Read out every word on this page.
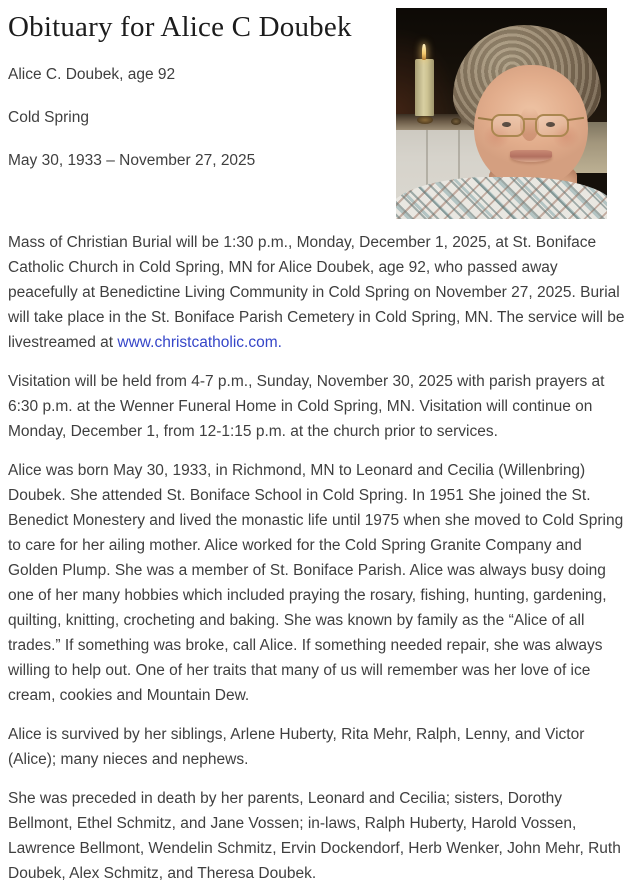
Obituary for Alice C Doubek

Alice C. Doubek, age 92

Cold Spring

May 30, 1933 – November 27, 2025

Mass of Christian Burial will be 1:30 p.m., Monday, December 1, 2025, at St. Boniface Catholic Church in Cold Spring, MN for Alice Doubek, age 92, who passed away peacefully at Benedictine Living Community in Cold Spring on November 27, 2025. Burial will take place in the St. Boniface Parish Cemetery in Cold Spring, MN. The service will be livestreamed at www.christcatholic.com.

Visitation will be held from 4-7 p.m., Sunday, November 30, 2025 with parish prayers at 6:30 p.m. at the Wenner Funeral Home in Cold Spring, MN. Visitation will continue on Monday, December 1, from 12-1:15 p.m. at the church prior to services.

Alice was born May 30, 1933, in Richmond, MN to Leonard and Cecilia (Willenbring) Doubek. She attended St. Boniface School in Cold Spring. In 1951 She joined the St. Benedict Monestery and lived the monastic life until 1975 when she moved to Cold Spring to care for her ailing mother. Alice worked for the Cold Spring Granite Company and Golden Plump. She was a member of St. Boniface Parish. Alice was always busy doing one of her many hobbies which included praying the rosary, fishing, hunting, gardening, quilting, knitting, crocheting and baking. She was known by family as the “Alice of all trades.” If something was broke, call Alice. If something needed repair, she was always willing to help out. One of her traits that many of us will remember was her love of ice cream, cookies and Mountain Dew.

Alice is survived by her siblings, Arlene Huberty, Rita Mehr, Ralph, Lenny, and Victor (Alice); many nieces and nephews.

She was preceded in death by her parents, Leonard and Cecilia; sisters, Dorothy Bellmont, Ethel Schmitz, and Jane Vossen; in-laws, Ralph Huberty, Harold Vossen, Lawrence Bellmont, Wendelin Schmitz, Ervin Dockendorf, Herb Wenker, John Mehr, Ruth Doubek, Alex Schmitz, and Theresa Doubek.
